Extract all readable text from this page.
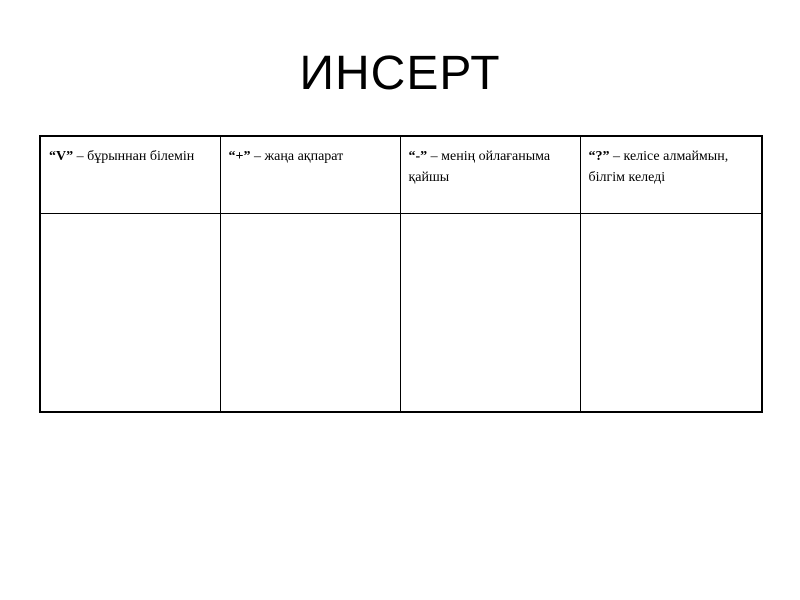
ИНСЕРТ
“V” – бұрыннан білемін	“+” – жаңа ақпарат	“-” – менің ойлағаныма қайшы	“?” – келісе алмаймын, білгім келеді
